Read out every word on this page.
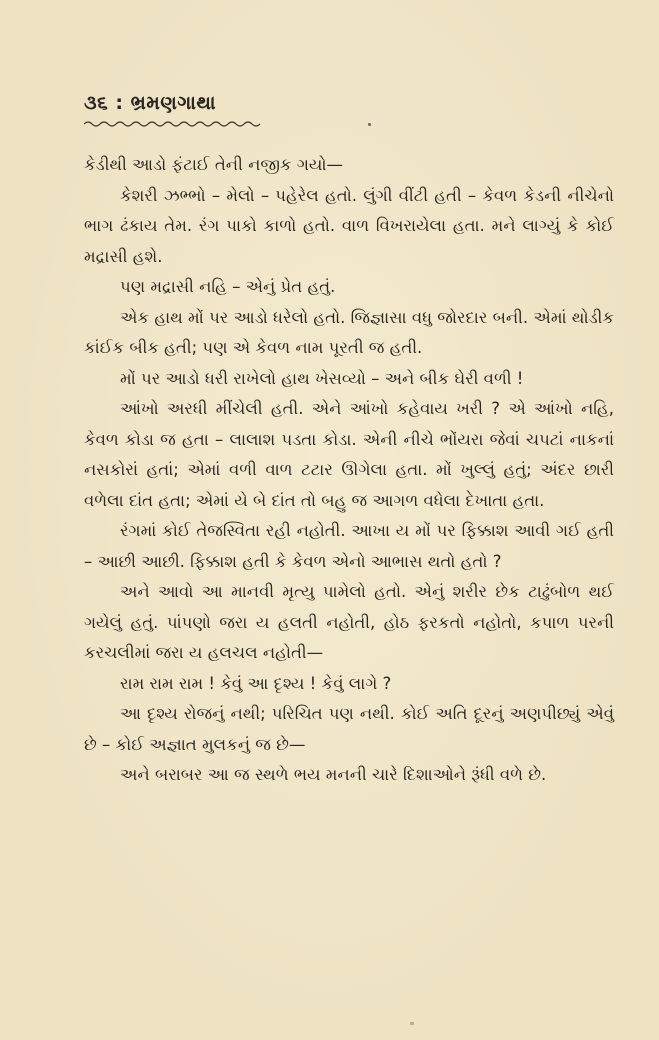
૩૬ : ભ્રમણગાથા

કેડીથી આડો ફંટાઈ તેની નજીક ગયો—

કેશરી ઝભ્ભો – મેલો – પહેરેલ હતો. લુંગી વીંટી હતી – કેવળ કેડની નીચેનો ભાગ ઢંકાય તેમ. રંગ પાકો કાળો હતો. વાળ વિખરાયેલા હતા. મને લાગ્યું કે કોઈ મદ્રાસી હશે.

પણ મદ્રાસી નહિ – એનું પ્રેત હતું.

એક હાથ મોં પર આડો ધરેલો હતો. જિજ્ઞાસા વધુ જોરદાર બની. એમાં થોડીક કાંઈક બીક હતી; પણ એ કેવળ નામ પૂરતી જ હતી.

મોં પર આડો ધરી રાખેલો હાથ ખેસવ્યો – અને બીક ઘેરી વળી !

આંખો અરધી મીંચેલી હતી. એને આંખો કહેવાય ખરી ? એ આંખો નહિ, કેવળ કોડા જ હતા – લાલાશ પડતા કોડા. એની નીચે ભોંયરા જેવાં ચપટાં નાકનાં નસકોરાં હતાં; એમાં વળી વાળ ટટાર ઊગેલા હતા. મોં ખુલ્લું હતું; અંદર છારી વળેલા દાંત હતા; એમાં યે બે દાંત તો બહુ જ આગળ વધેલા દેખાતા હતા.

રંગમાં કોઈ તેજસ્વિતા રહી નહોતી. આખા ય મોં પર ફિક્કાશ આવી ગઈ હતી – આછી આછી. ફિક્કાશ હતી કે કેવળ એનો આભાસ થતો હતો ?

અને આવો આ માનવી મૃત્યુ પામેલો હતો. એનું શરીર છેક ટાઢુંબોળ થઈ ગયેલું હતું. પાંપણો જરા ય હલતી નહોતી, હોઠ ફરકતો નહોતો, કપાળ પરની કરચલીમાં જરા ય હલચલ નહોતી—

રામ રામ રામ ! કેવું આ દૃશ્ય ! કેવું લાગે ?

આ દૃશ્ય રોજનું નથી; પરિચિત પણ નથી. કોઈ અતિ દૂરનું અણપીછ્યું એવું છે – કોઈ અજ્ઞાત મુલકનું જ છે—

અને બરાબર આ જ સ્થળે ભય મનની ચારે દિશાઓને રૂંધી વળે છે.
